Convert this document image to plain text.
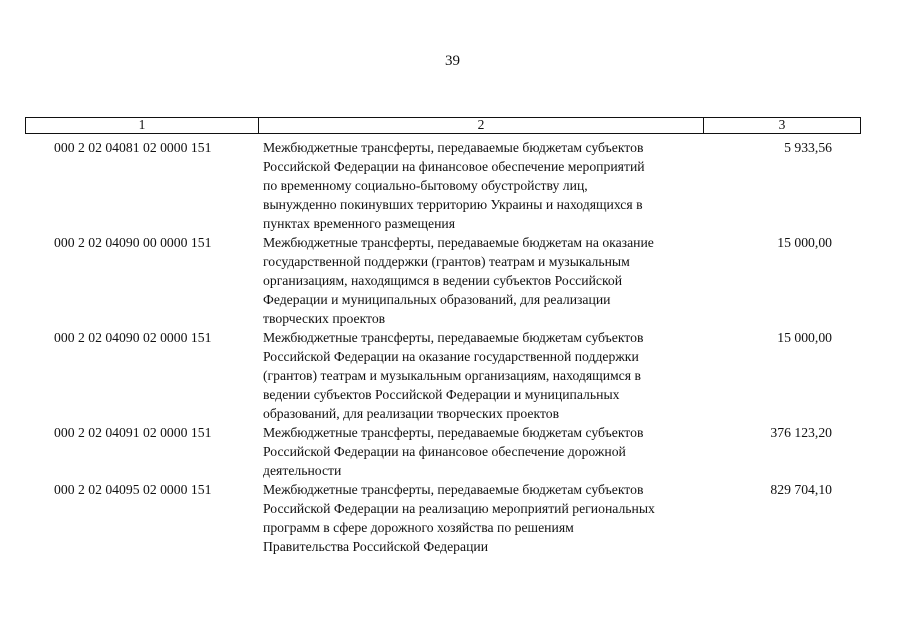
39
1	2	3
000 2 02 04081 02 0000 151	Межбюджетные трансферты, передаваемые бюджетам субъектов
Российской Федерации на финансовое обеспечение мероприятий
по временному социально-бытовому обустройству лиц,
вынужденно покинувших территорию Украины и находящихся в
пунктах временного размещения
5 933,56
000 2 02 04090 00 0000 151	Межбюджетные трансферты, передаваемые бюджетам на оказание
государственной поддержки (грантов) театрам и музыкальным
организациям, находящимся в ведении субъектов Российской
Федерации и муниципальных образований, для реализации
творческих проектов
15 000,00
000 2 02 04090 02 0000 151	Межбюджетные трансферты, передаваемые бюджетам субъектов
Российской Федерации на оказание государственной поддержки
(грантов) театрам и музыкальным организациям, находящимся в
ведении субъектов Российской Федерации и муниципальных
образований, для реализации творческих проектов
15 000,00
000 2 02 04091 02 0000 151	Межбюджетные трансферты, передаваемые бюджетам субъектов
Российской Федерации на финансовое обеспечение дорожной
деятельности
376 123,20
000 2 02 04095 02 0000 151	Межбюджетные трансферты, передаваемые бюджетам субъектов
Российской Федерации на реализацию мероприятий региональных
программ в сфере дорожного хозяйства по решениям
Правительства Российской Федерации
829 704,10
